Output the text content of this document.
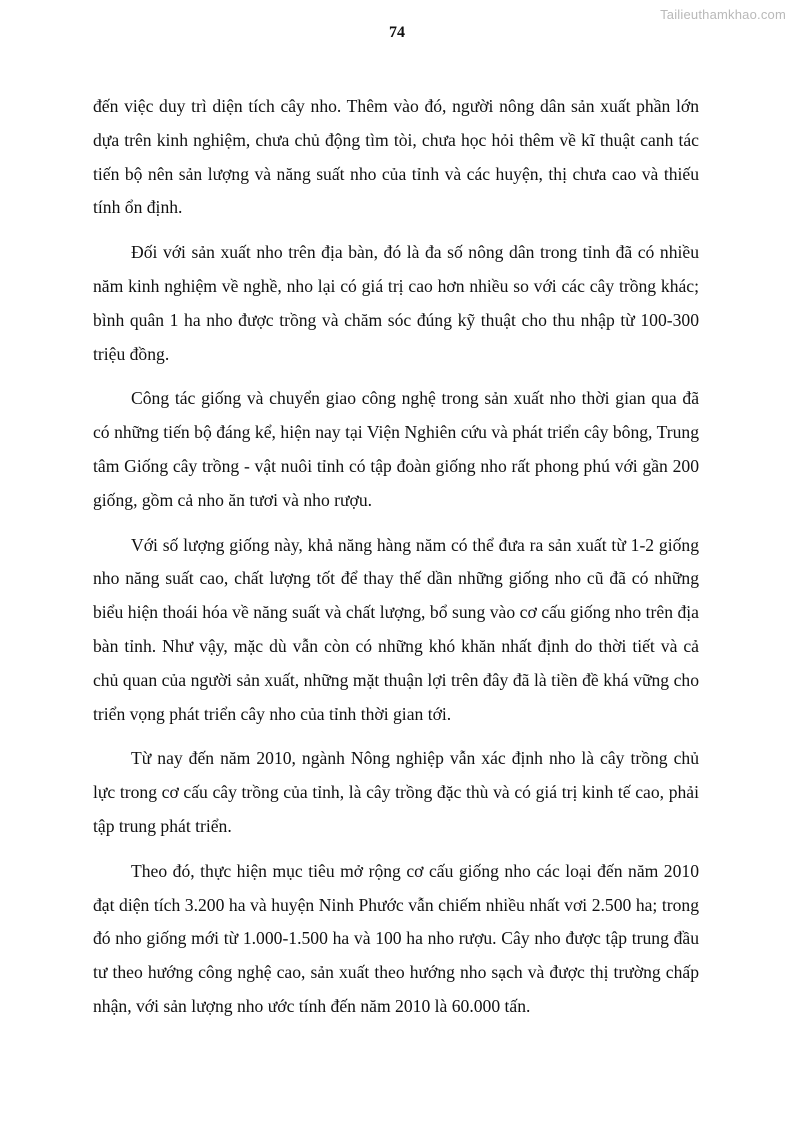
Tailieuthamkhao.com
74

đến việc duy trì diện tích cây nho. Thêm vào đó, người nông dân sản xuất phần lớn dựa trên kinh nghiệm, chưa chủ động tìm tòi, chưa học hỏi thêm về kĩ thuật canh tác tiến bộ nên sản lượng và năng suất nho của tỉnh và các huyện, thị chưa cao và thiếu tính ổn định.

Đối với sản xuất nho trên địa bàn, đó là đa số nông dân trong tỉnh đã có nhiều năm kinh nghiệm về nghề, nho lại có giá trị cao hơn nhiều so với các cây trồng khác; bình quân 1 ha nho được trồng và chăm sóc đúng kỹ thuật cho thu nhập từ 100-300 triệu đồng.

Công tác giống và chuyển giao công nghệ trong sản xuất nho thời gian qua đã có những tiến bộ đáng kể, hiện nay tại Viện Nghiên cứu và phát triển cây bông, Trung tâm Giống cây trồng - vật nuôi tỉnh có tập đoàn giống nho rất phong phú với gần 200 giống, gồm cả nho ăn tươi và nho rượu.

Với số lượng giống này, khả năng hàng năm có thể đưa ra sản xuất từ 1-2 giống nho năng suất cao, chất lượng tốt để thay thế dần những giống nho cũ đã có những biểu hiện thoái hóa về năng suất và chất lượng, bổ sung vào cơ cấu giống nho trên địa bàn tỉnh. Như vậy, mặc dù vẫn còn có những khó khăn nhất định do thời tiết và cả chủ quan của người sản xuất, những mặt thuận lợi trên đây đã là tiền đề khá vững cho triển vọng phát triển cây nho của tỉnh thời gian tới.

Từ nay đến năm 2010, ngành Nông nghiệp vẫn xác định nho là cây trồng chủ lực trong cơ cấu cây trồng của tỉnh, là cây trồng đặc thù và có giá trị kinh tế cao, phải tập trung phát triển.

Theo đó, thực hiện mục tiêu mở rộng cơ cấu giống nho các loại đến năm 2010 đạt diện tích 3.200 ha và huyện Ninh Phước vẫn chiếm nhiều nhất vơi 2.500 ha; trong đó nho giống mới từ 1.000-1.500 ha và 100 ha nho rượu. Cây nho được tập trung đầu tư theo hướng công nghệ cao, sản xuất theo hướng nho sạch và được thị trường chấp nhận, với sản lượng nho ước tính đến năm 2010 là 60.000 tấn.
